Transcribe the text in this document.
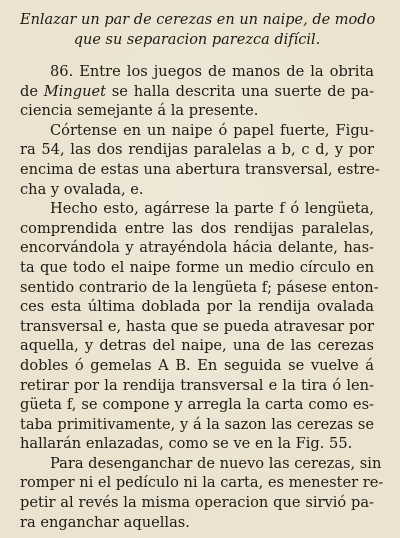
Enlazar un par de cerezas en un naipe, de modo
que su separacion parezca difícil.
86. Entre los juegos de manos de la obrita
de Minguet se halla descrita una suerte de pa-
ciencia semejante á la presente.
Córtense en un naipe ó papel fuerte, Figu-
ra 54, las dos rendijas paralelas a b, c d, y por
encima de estas una abertura transversal, estre-
cha y ovalada, e.
Hecho esto, agárrese la parte f ó lengüeta,
comprendida entre las dos rendijas paralelas,
encorvándola y atrayéndola hácia delante, has-
ta que todo el naipe forme un medio círculo en
sentido contrario de la lengüeta f; pásese enton-
ces esta última doblada por la rendija ovalada
transversal e, hasta que se pueda atravesar por
aquella, y detras del naipe, una de las cerezas
dobles ó gemelas A B. En seguida se vuelve á
retirar por la rendija transversal e la tira ó len-
güeta f, se compone y arregla la carta como es-
taba primitivamente, y á la sazon las cerezas se
hallarán enlazadas, como se ve en la Fig. 55.
Para desenganchar de nuevo las cerezas, sin
romper ni el pedículo ni la carta, es menester re-
petir al revés la misma operacion que sirvió pa-
ra enganchar aquellas.
